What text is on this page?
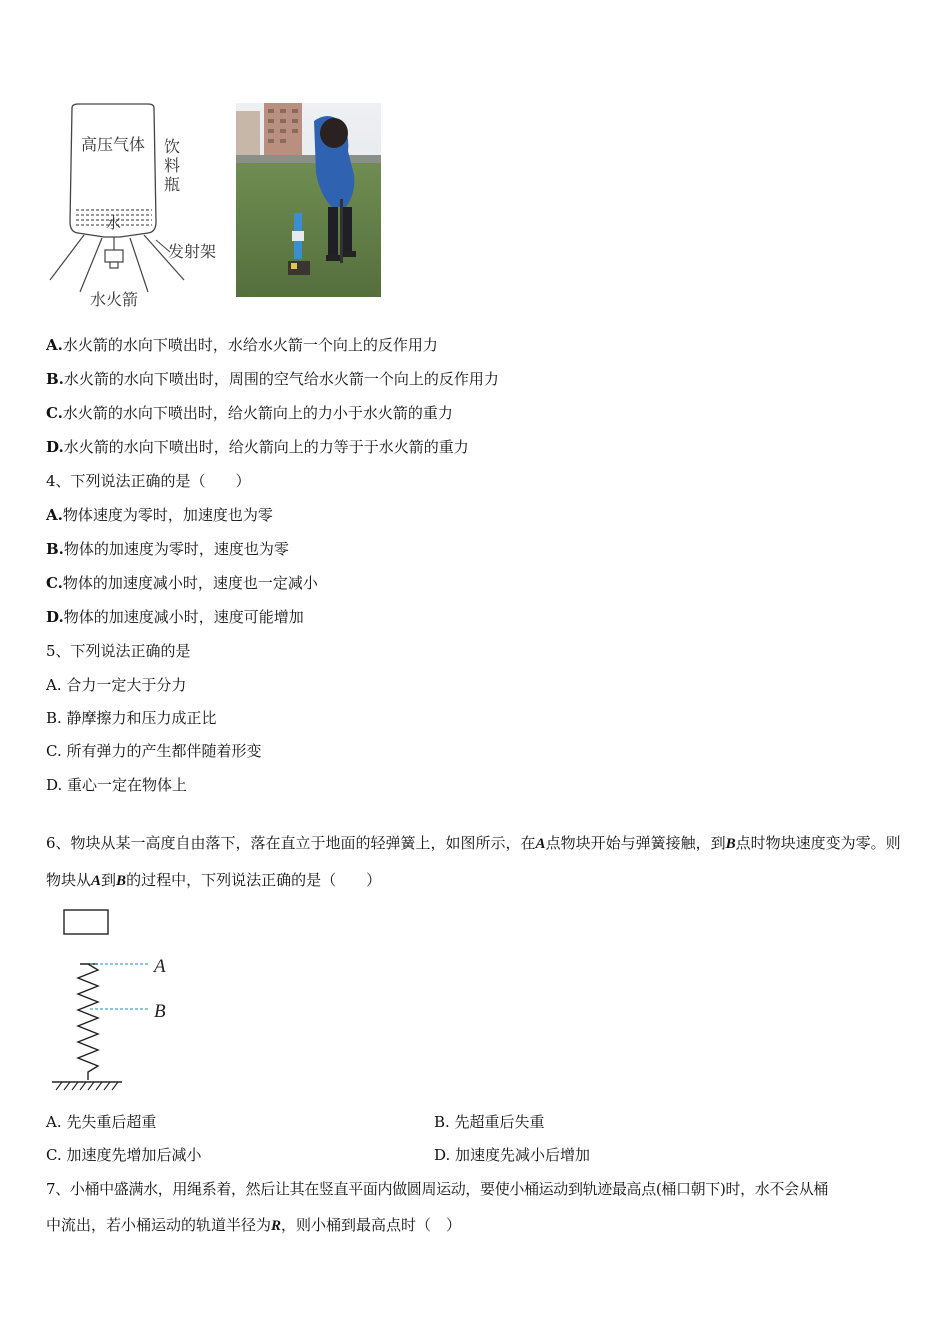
高压气体 饮
料
瓶
水
发射架
水火箭
A.水火箭的水向下喷出时，水给水火箭一个向上的反作用力
B.水火箭的水向下喷出时，周围的空气给水火箭一个向上的反作用力
C.水火箭的水向下喷出时，给火箭向上的力小于水火箭的重力
D.水火箭的水向下喷出时，给火箭向上的力等于于水火箭的重力
4、下列说法正确的是（　　）
A.物体速度为零时，加速度也为零
B.物体的加速度为零时，速度也为零
C.物体的加速度减小时，速度也一定减小
D.物体的加速度减小时，速度可能增加
5、下列说法正确的是
A. 合力一定大于分力
B. 静摩擦力和压力成正比
C. 所有弹力的产生都伴随着形变
D. 重心一定在物体上
6、物块从某一高度自由落下，落在直立于地面的轻弹簧上，如图所示，在A点物块开始与弹簧接触，到B点时物块速度变为零。则物块从A到B的过程中，下列说法正确的是（　　）
A
B
A. 先失重后超重	B. 先超重后失重
C. 加速度先增加后减小	D. 加速度先减小后增加
7、小桶中盛满水，用绳系着，然后让其在竖直平面内做圆周运动，要使小桶运动到轨迹最高点(桶口朝下)时，水不会从桶
中流出，若小桶运动的轨道半径为R，则小桶到最高点时（　）
